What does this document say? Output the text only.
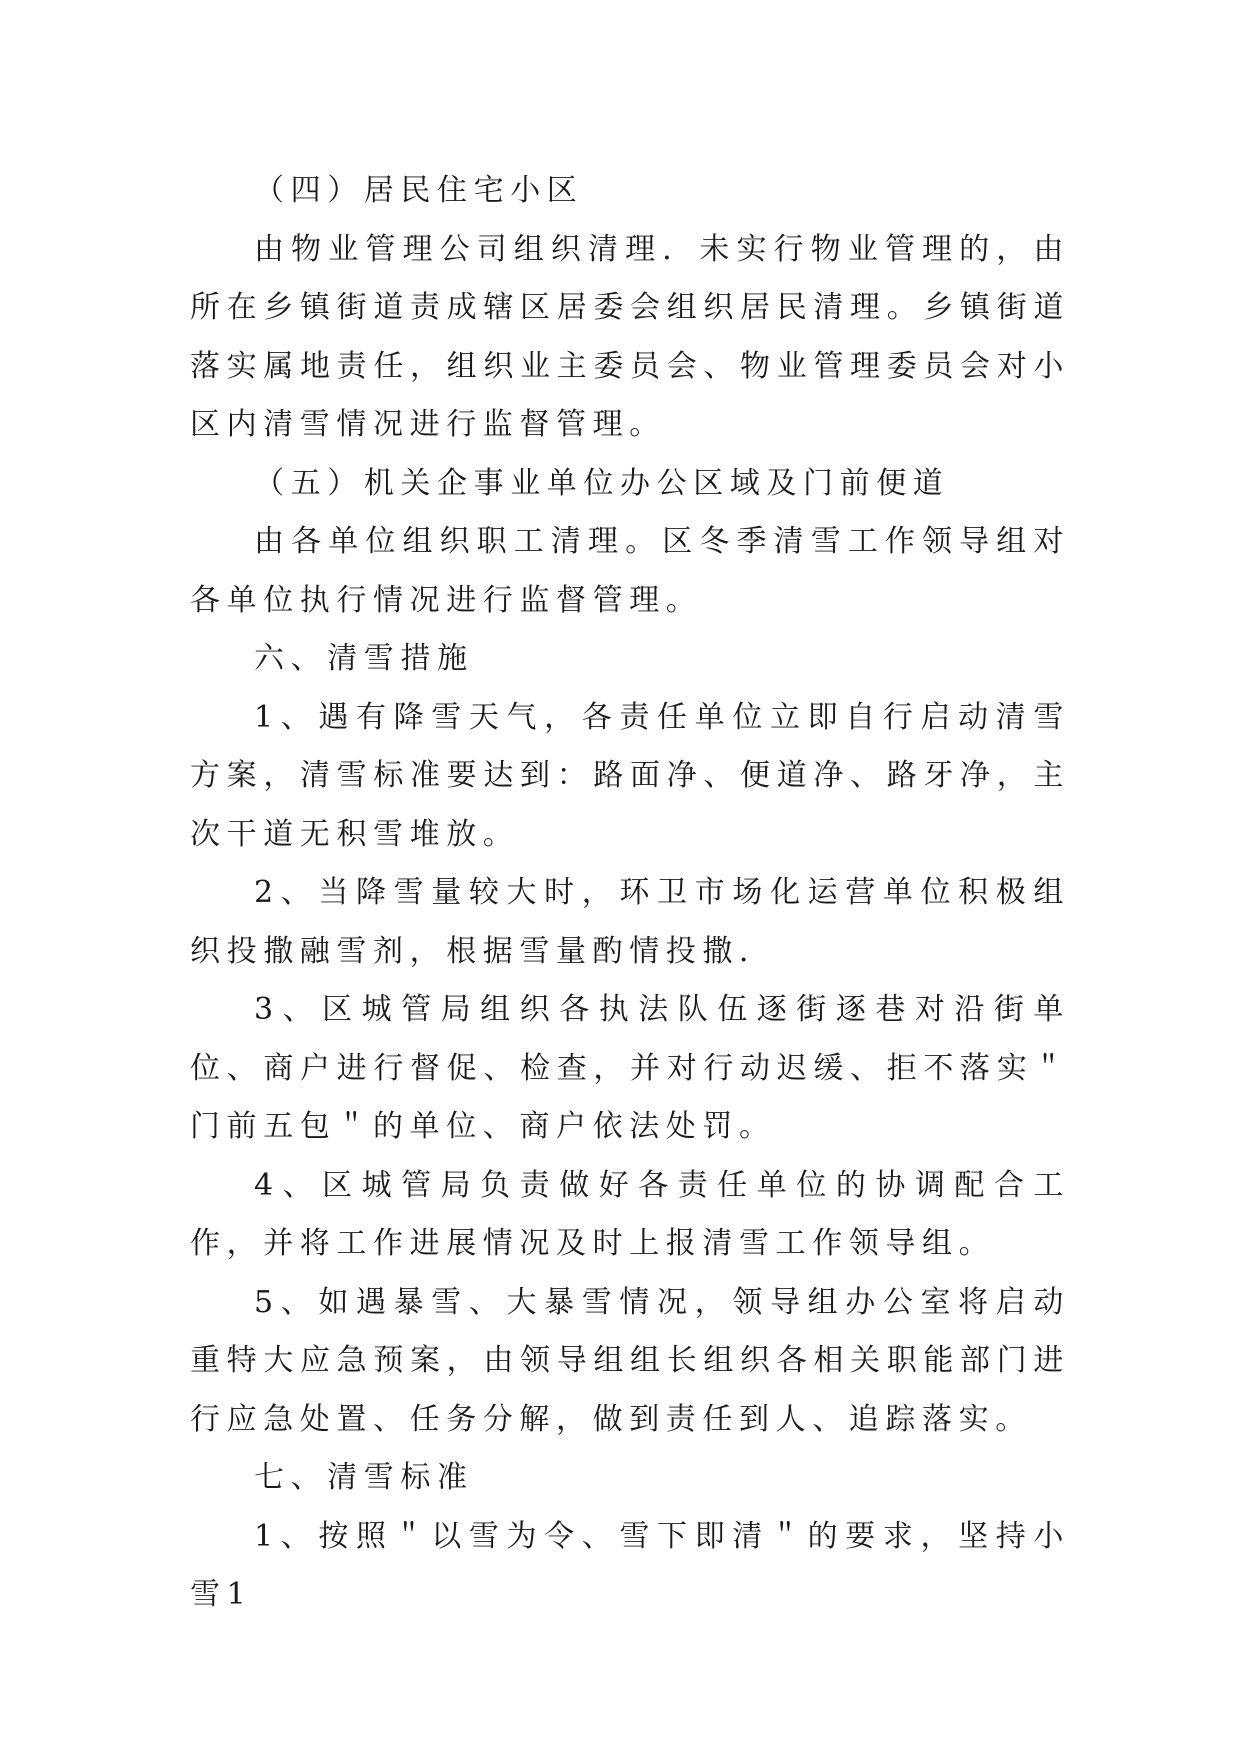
（四）居民住宅小区

由物业管理公司组织清理．未实行物业管理的，由所在乡镇街道责成辖区居委会组织居民清理。乡镇街道落实属地责任，组织业主委员会、物业管理委员会对小区内清雪情况进行监督管理。

（五）机关企事业单位办公区域及门前便道

由各单位组织职工清理。区冬季清雪工作领导组对各单位执行情况进行监督管理。

六、清雪措施

1、遇有降雪天气，各责任单位立即自行启动清雪方案，清雪标准要达到：路面净、便道净、路牙净，主次干道无积雪堆放。

2、当降雪量较大时，环卫市场化运营单位积极组织投撒融雪剂，根据雪量酌情投撒．

3、区城管局组织各执法队伍逐街逐巷对沿街单位、商户进行督促、检查，并对行动迟缓、拒不落实＂门前五包＂的单位、商户依法处罚。

4、区城管局负责做好各责任单位的协调配合工作，并将工作进展情况及时上报清雪工作领导组。

5、如遇暴雪、大暴雪情况，领导组办公室将启动重特大应急预案，由领导组组长组织各相关职能部门进行应急处置、任务分解，做到责任到人、追踪落实。

七、清雪标准

1、按照＂以雪为令、雪下即清＂的要求，坚持小雪1
